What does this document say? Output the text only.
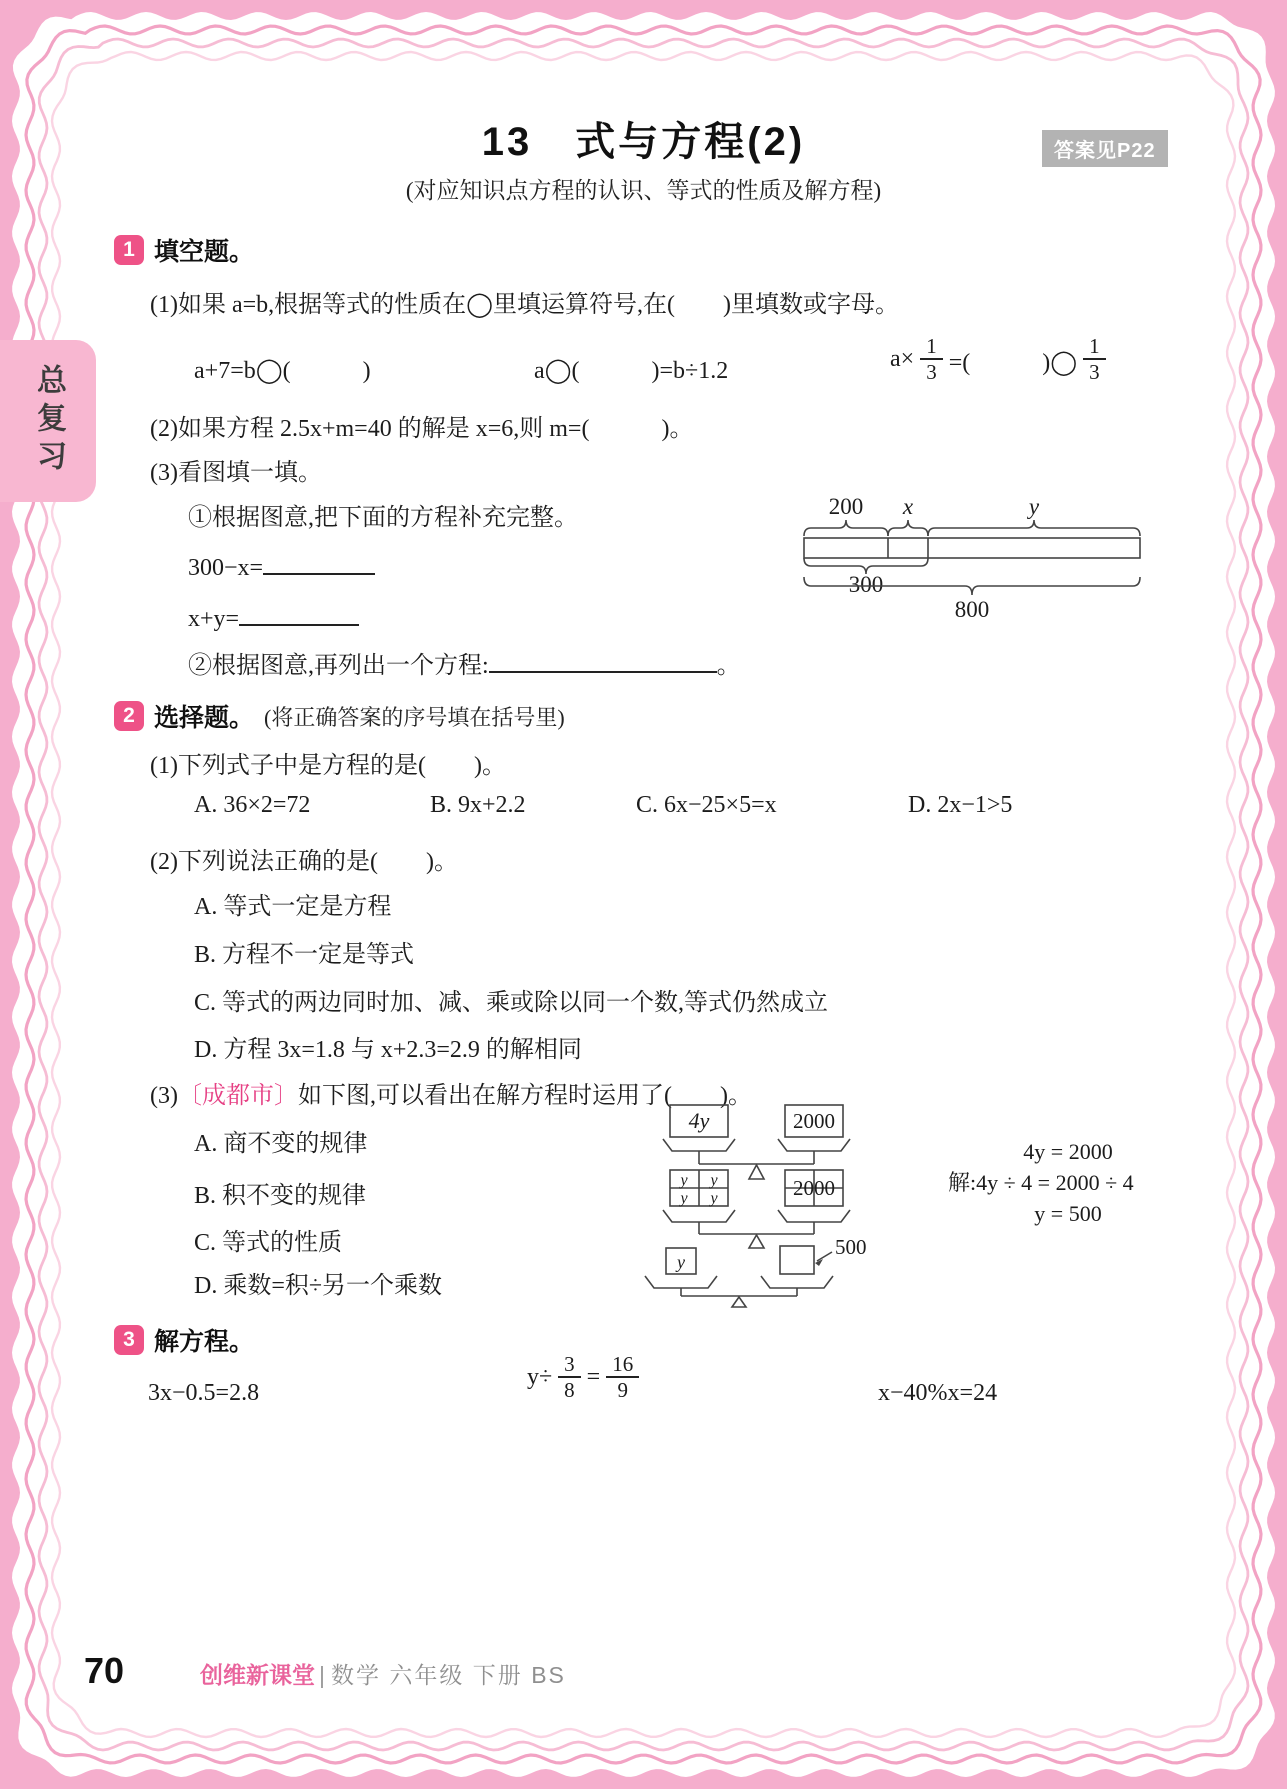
总复习
13　式与方程(2)	答案见P22
(对应知识点方程的认识、等式的性质及解方程)
1 填空题。
(1)如果 a=b,根据等式的性质在◯里填运算符号,在(　　)里填数或字母。
a+7=b◯(　　　)	a◯(　　　)=b÷1.2	$a\times \frac{1}{3}$ =(　　　)◯ $\frac{1}{3}$
(2)如果方程 2.5x+m=40 的解是 x=6,则 m=(　　　)。
(3)看图填一填。
①根据图意,把下面的方程补充完整。	200 x	y
300
800
300−x=
x+y=
②根据图意,再列出一个方程:	。
2 选择题。 (将正确答案的序号填在括号里)
(1)下列式子中是方程的是(　　)。
A. 36×2=72	B. 9x+2.2	C. 6x−25×5=x	D. 2x−1>5
(2)下列说法正确的是(　　)。
A. 等式一定是方程
B. 方程不一定是等式
C. 等式的两边同时加、减、乘或除以同一个数,等式仍然成立
D. 方程 3x=1.8 与 x+2.3=2.9 的解相同
(3)〔成都市〕如下图,可以看出在解方程时运用了(　　)。
A. 商不变的规律
B. 积不变的规律
C. 等式的性质
D. 乘数=积÷另一个乘数
4y	2000
y y
y y	2000
y
500
4y = 2000
解:4y ÷ 4 = 2000 ÷ 4
y = 500
3 解方程。
3x−0.5=2.8
$y\div \frac{3}{8} = \frac{16}{9}$	x−40%x=24
70	创维新课堂 | 数学 六年级 下册 BS
